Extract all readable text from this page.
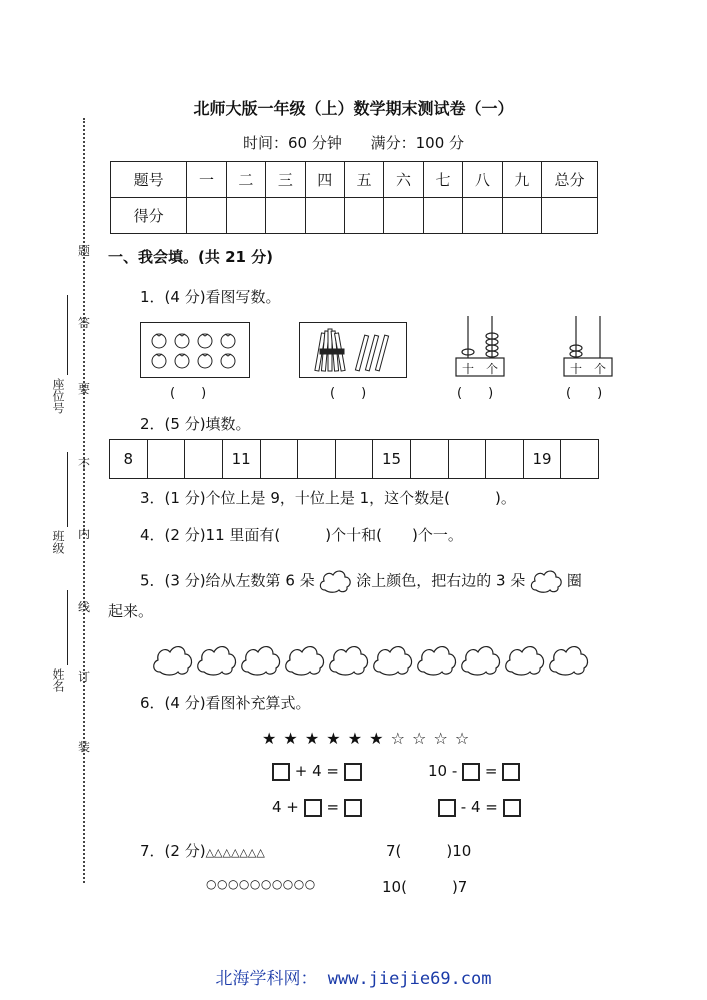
北师大版一年级（上）数学期末测试卷（一）
时间：60 分钟 满分：100 分
题号	一	二	三	四	五	六	七	八	九	总分
得分										
题
答
要
不
内
线
订
装
座位号
班级
姓名
一、我会填。(共 21 分)
1．(4 分)看图写数。
(　　)	(　　)
十 个
(　　)
十 个
(　　)
2．(5 分)填数。
8			11				15				19	
3．(1 分)个位上是 9，十位上是 1，这个数是(　　　)。
4．(2 分)11 里面有(　　　)个十和(　　)个一。
5．(3 分)给从左数第 6 朵	涂上颜色，把右边的 3 朵	圈
起来。
6．(4 分)看图补充算式。
★ ★ ★ ★ ★ ★ ☆ ☆ ☆ ☆
+ 4 =	10 - =
4 + =	- 4 =
7．(2 分)△△△△△△△	7(　　　)10
○○○○○○○○○○	10(　　　)7
北海学科网： www.jiejie69.com
